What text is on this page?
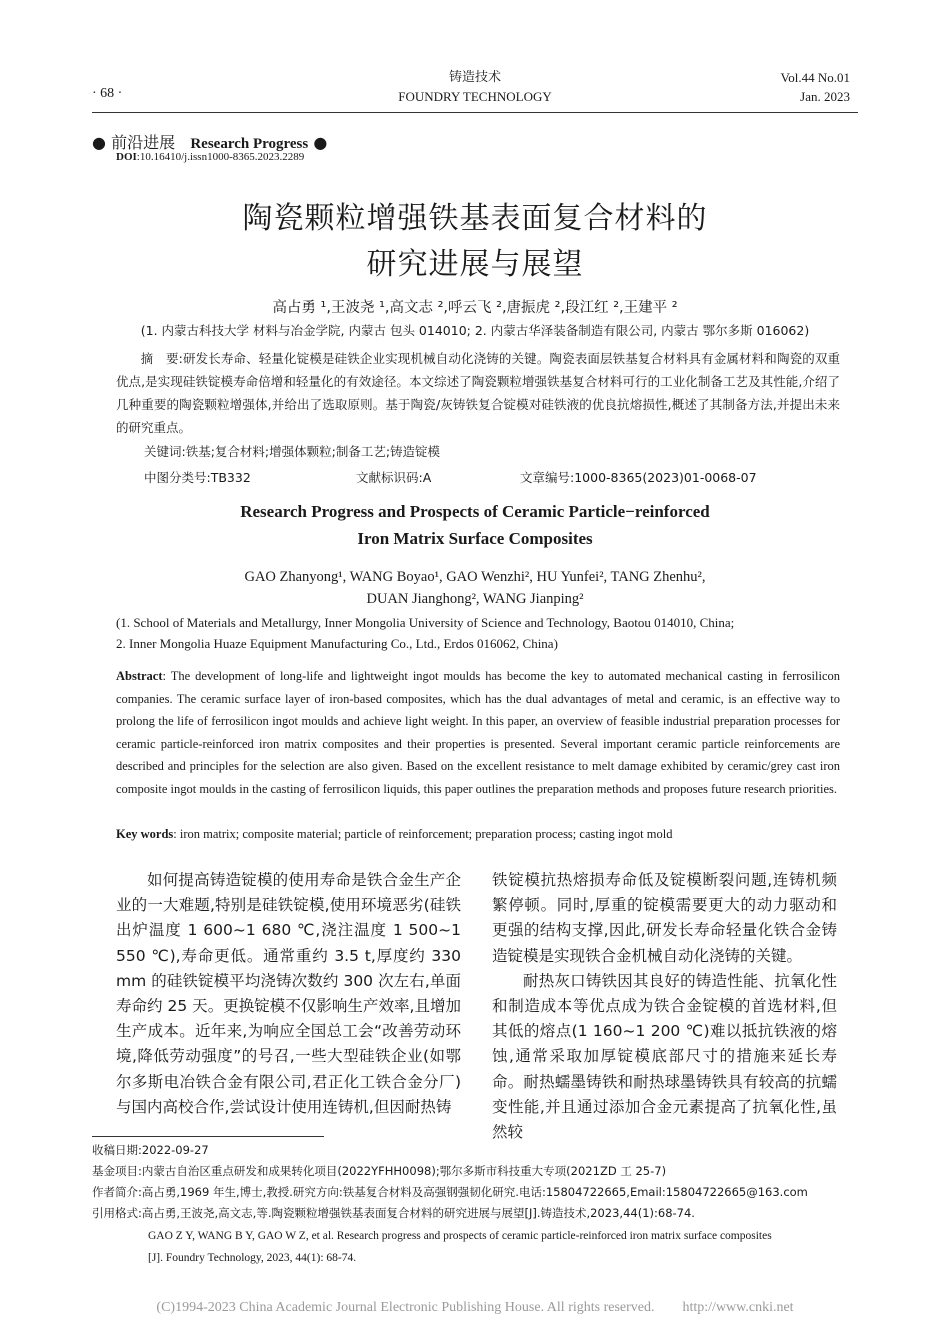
· 68 ·
铸造技术
FOUNDRY TECHNOLOGY
Vol.44 No.01
Jan. 2023
● 前沿进展 Research Progress ●
DOI:10.16410/j.issn1000-8365.2023.2289
陶瓷颗粒增强铁基表面复合材料的
研究进展与展望
高占勇 ¹,王波尧 ¹,高文志 ²,呼云飞 ²,唐振虎 ²,段江红 ²,王建平 ²
(1. 内蒙古科技大学 材料与冶金学院, 内蒙古 包头 014010; 2. 内蒙古华泽装备制造有限公司, 内蒙古 鄂尔多斯 016062)
摘　要:研发长寿命、轻量化锭模是硅铁企业实现机械自动化浇铸的关键。陶瓷表面层铁基复合材料具有金属材料和陶瓷的双重优点,是实现硅铁锭模寿命倍增和轻量化的有效途径。本文综述了陶瓷颗粒增强铁基复合材料可行的工业化制备工艺及其性能,介绍了几种重要的陶瓷颗粒增强体,并给出了选取原则。基于陶瓷/灰铸铁复合锭模对硅铁液的优良抗熔损性,概述了其制备方法,并提出未来的研究重点。
关键词:铁基;复合材料;增强体颗粒;制备工艺;铸造锭模
中图分类号:TB332	文献标识码:A	文章编号:1000-8365(2023)01-0068-07
Research Progress and Prospects of Ceramic Particle−reinforced
Iron Matrix Surface Composites
GAO Zhanyong¹, WANG Boyao¹, GAO Wenzhi², HU Yunfei², TANG Zhenhu²,
DUAN Jianghong², WANG Jianping²
(1. School of Materials and Metallurgy, Inner Mongolia University of Science and Technology, Baotou 014010, China;
2. Inner Mongolia Huaze Equipment Manufacturing Co., Ltd., Erdos 016062, China)
Abstract: The development of long-life and lightweight ingot moulds has become the key to automated mechanical casting in ferrosilicon companies. The ceramic surface layer of iron-based composites, which has the dual advantages of metal and ceramic, is an effective way to prolong the life of ferrosilicon ingot moulds and achieve light weight. In this paper, an overview of feasible industrial preparation processes for ceramic particle-reinforced iron matrix composites and their properties is presented. Several important ceramic particle reinforcements are described and principles for the selection are also given. Based on the excellent resistance to melt damage exhibited by ceramic/grey cast iron composite ingot moulds in the casting of ferrosilicon liquids, this paper outlines the preparation methods and proposes future research priorities.
Key words: iron matrix; composite material; particle of reinforcement; preparation process; casting ingot mold

如何提高铸造锭模的使用寿命是铁合金生产企业的一大难题,特别是硅铁锭模,使用环境恶劣(硅铁出炉温度 1 600~1 680 ℃,浇注温度 1 500~1 550 ℃),寿命更低。通常重约 3.5 t,厚度约 330 mm 的硅铁锭模平均浇铸次数约 300 次左右,单面寿命约 25 天。更换锭模不仅影响生产效率,且增加生产成本。近年来,为响应全国总工会“改善劳动环境,降低劳动强度”的号召,一些大型硅铁企业(如鄂尔多斯电冶铁合金有限公司,君正化工铁合金分厂)与国内高校合作,尝试设计使用连铸机,但因耐热铸

铁锭模抗热熔损寿命低及锭模断裂问题,连铸机频繁停顿。同时,厚重的锭模需要更大的动力驱动和更强的结构支撑,因此,研发长寿命轻量化铁合金铸造锭模是实现铁合金机械自动化浇铸的关键。

耐热灰口铸铁因其良好的铸造性能、抗氧化性和制造成本等优点成为铁合金锭模的首选材料,但其低的熔点(1 160~1 200 ℃)难以抵抗铁液的熔蚀,通常采取加厚锭模底部尺寸的措施来延长寿命。耐热蠕墨铸铁和耐热球墨铸铁具有较高的抗蠕变性能,并且通过添加合金元素提高了抗氧化性,虽然较

收稿日期:2022-09-27
基金项目:内蒙古自治区重点研发和成果转化项目(2022YFHH0098);鄂尔多斯市科技重大专项(2021ZD 工 25-7)
作者简介:高占勇,1969 年生,博士,教授.研究方向:铁基复合材料及高强钢强韧化研究.电话:15804722665,Email:15804722665@163.com
引用格式:高占勇,王波尧,高文志,等.陶瓷颗粒增强铁基表面复合材料的研究进展与展望[J].铸造技术,2023,44(1):68-74.
GAO Z Y, WANG B Y, GAO W Z, et al. Research progress and prospects of ceramic particle-reinforced iron matrix surface composites
[J]. Foundry Technology, 2023, 44(1): 68-74.
(C)1994-2023 China Academic Journal Electronic Publishing House. All rights reserved.　　http://www.cnki.net
